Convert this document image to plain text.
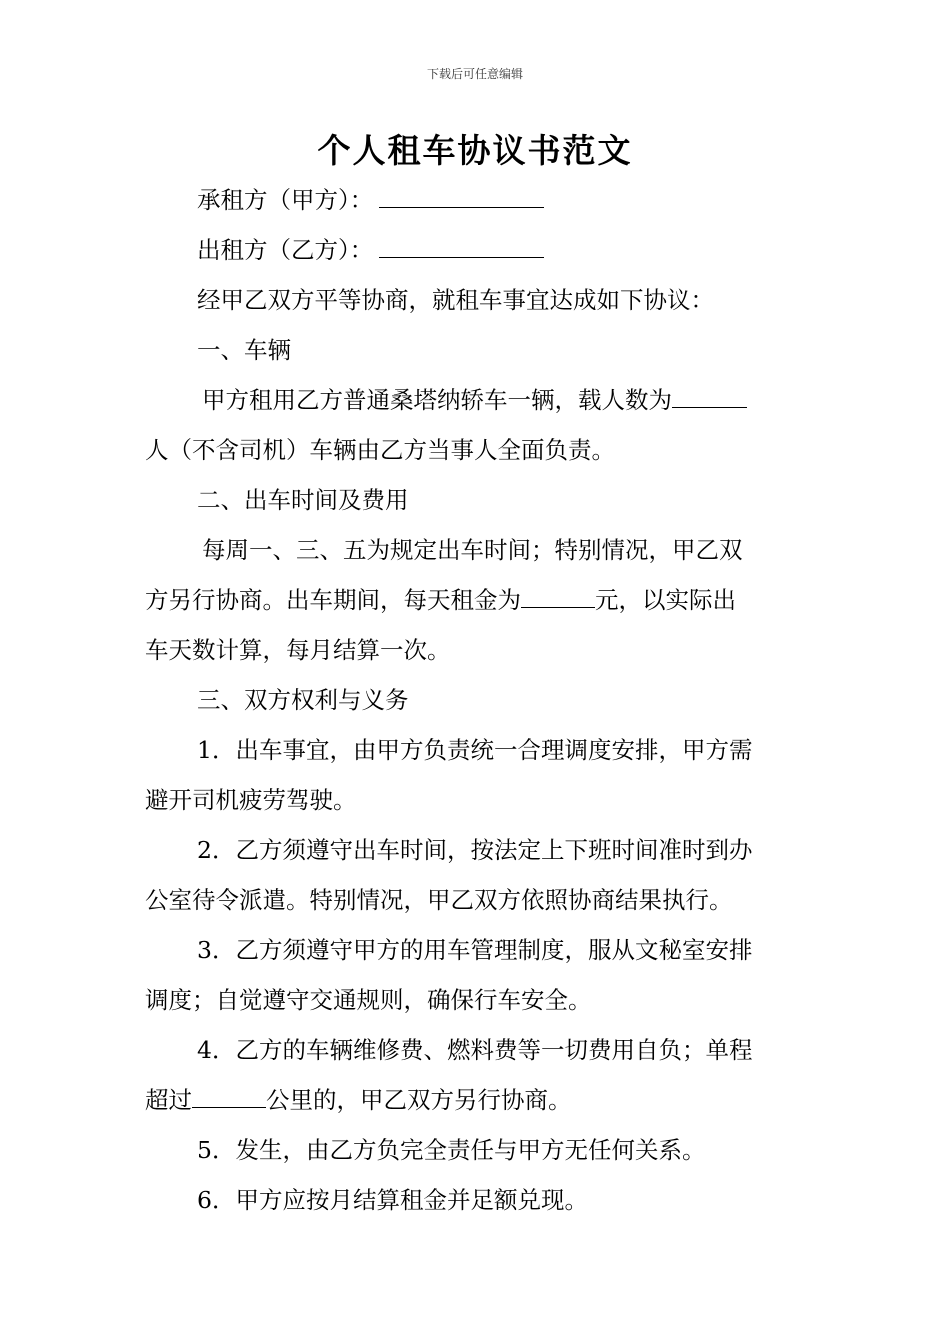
下载后可任意编辑
个人租车协议书范文
承租方（甲方）：
出租方（乙方）：
经甲乙双方平等协商，就租车事宜达成如下协议：
一、车辆
甲方租用乙方普通桑塔纳轿车一辆，载人数为
人（不含司机）车辆由乙方当事人全面负责。
二、出车时间及费用
每周一、三、五为规定出车时间；特别情况，甲乙双
方另行协商。出车期间，每天租金为	元，以实际出
车天数计算，每月结算一次。
三、双方权利与义务
1．出车事宜，由甲方负责统一合理调度安排，甲方需
避开司机疲劳驾驶。
2．乙方须遵守出车时间，按法定上下班时间准时到办
公室待令派遣。特别情况，甲乙双方依照协商结果执行。
3．乙方须遵守甲方的用车管理制度，服从文秘室安排
调度；自觉遵守交通规则，确保行车安全。
4．乙方的车辆维修费、燃料费等一切费用自负；单程
超过	公里的，甲乙双方另行协商。
5．发生，由乙方负完全责任与甲方无任何关系。
6．甲方应按月结算租金并足额兑现。
